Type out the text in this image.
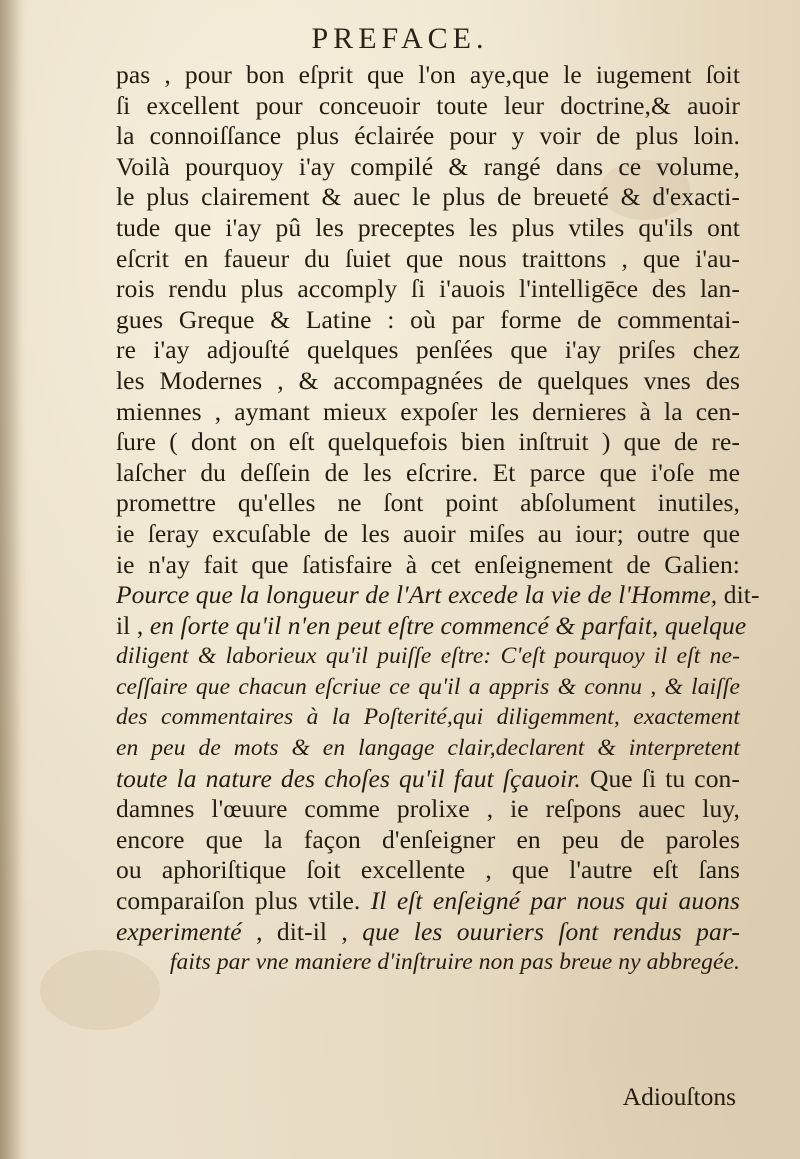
PREFACE.
pas , pour bon eſprit que l'on aye,que le iugement ſoit
ſi excellent pour conceuoir toute leur doctrine,& auoir
la connoiſſance plus éclairée pour y voir de plus loin.
Voilà pourquoy i'ay compilé & rangé dans ce volume,
le plus clairement & auec le plus de breueté & d'exacti-
tude que i'ay pû les preceptes les plus vtiles qu'ils ont
eſcrit en faueur du ſuiet que nous traittons , que i'au-
rois rendu plus accomply ſi i'auois l'intelligēce des lan-
gues Greque & Latine : où par forme de commentai-
re i'ay adjouſté quelques penſées que i'ay priſes chez
les Modernes , & accompagnées de quelques vnes des
miennes , aymant mieux expoſer les dernieres à la cen-
ſure ( dont on eſt quelquefois bien inſtruit ) que de re-
laſcher du deſſein de les eſcrire. Et parce que i'oſe me
promettre qu'elles ne ſont point abſolument inutiles,
ie ſeray excuſable de les auoir miſes au iour; outre que
ie n'ay fait que ſatisfaire à cet enſeignement de Galien:
Pource que la longueur de l'Art excede la vie de l'Homme, dit-
il , en ſorte qu'il n'en peut eſtre commencé & parfait, quelque
diligent & laborieux qu'il puiſſe eſtre: C'eſt pourquoy il eſt ne-
ceſſaire que chacun eſcriue ce qu'il a appris & connu , & laiſſe
des commentaires à la Poſterité,qui diligemment, exactement
en peu de mots & en langage clair,declarent & interpretent
toute la nature des choſes qu'il faut ſçauoir. Que ſi tu con-
damnes l'œuure comme prolixe , ie reſpons auec luy,
encore que la façon d'enſeigner en peu de paroles
ou aphoriſtique ſoit excellente , que l'autre eſt ſans
comparaiſon plus vtile. Il eſt enſeigné par nous qui auons
experimenté , dit-il , que les ouuriers ſont rendus par-
faits par vne maniere d'inſtruire non pas breue ny abbregée.
Adiouſtons
